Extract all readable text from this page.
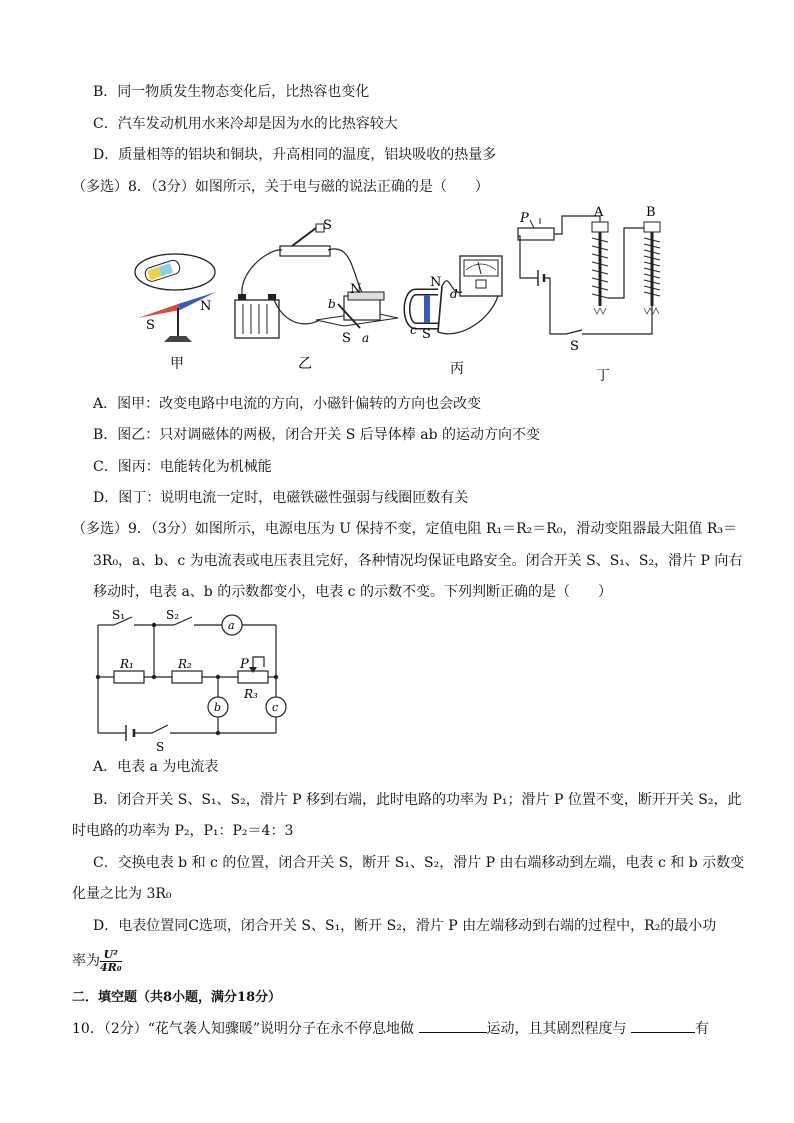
B．同一物质发生物态变化后，比热容也变化
C．汽车发动机用水来冷却是因为水的比热容较大
D．质量相等的铝块和铜块，升高相同的温度，铝块吸收的热量多
（多选）8．（3分）如图所示，关于电与磁的说法正确的是（　　）
S
N
甲
S
N
b
S a
乙
N
d
c S
丙
P	A	B
S
丁
A．图甲：改变电路中电流的方向，小磁针偏转的方向也会改变
B．图乙：只对调磁体的两极，闭合开关 S 后导体棒 ab 的运动方向不变
C．图丙：电能转化为机械能
D．图丁：说明电流一定时，电磁铁磁性强弱与线圈匝数有关
（多选）9．（3分）如图所示，电源电压为 U 保持不变，定值电阻 R₁＝R₂＝R₀，滑动变阻器最大阻值 R₃＝
3R₀，a、b、c 为电流表或电压表且完好，各种情况均保证电路安全。闭合开关 S、S₁、S₂，滑片 P 向右
移动时，电表 a、b 的示数都变小，电表 c 的示数不变。下列判断正确的是（　　）
S₁	S₂
a
R₁	R₂	P
R₃
b	c
S
A．电表 a 为电流表
B．闭合开关 S、S₁、S₂，滑片 P 移到右端，此时电路的功率为 P₁；滑片 P 位置不变，断开开关 S₂，此
时电路的功率为 P₂，P₁：P₂＝4：3
C．交换电表 b 和 c 的位置，闭合开关 S，断开 S₁、S₂，滑片 P 由右端移动到左端，电表 c 和 b 示数变
化量之比为 3R₀
D．电表位置同C选项，闭合开关 S、S₁，断开 S₂，滑片 P 由左端移动到右端的过程中，R₂的最小功
率为 $\frac{\text{U²}}{\text{4R₀}}$
二．填空题（共8小题，满分18分）
10．（2分）“花气袭人知骤暖”说明分子在永不停息地做	运动，且其剧烈程度与	有
